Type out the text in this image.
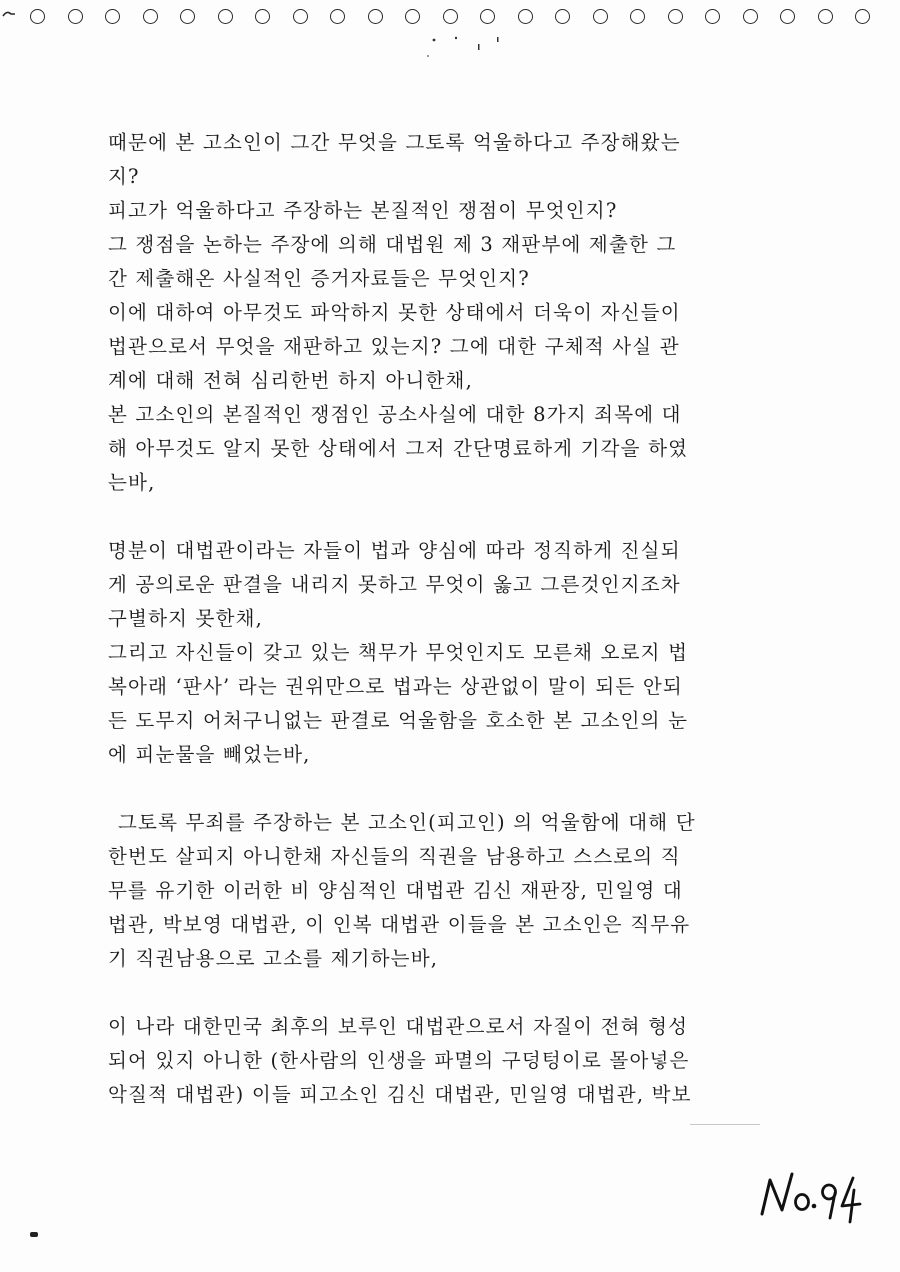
때문에 본 고소인이 그간 무엇을 그토록 억울하다고 주장해왔는
지?
피고가 억울하다고 주장하는 본질적인 쟁점이 무엇인지?
그 쟁점을 논하는 주장에 의해 대법원 제 3 재판부에 제출한 그
간 제출해온 사실적인 증거자료들은 무엇인지?
이에 대하여 아무것도 파악하지 못한 상태에서 더욱이 자신들이
법관으로서 무엇을 재판하고 있는지? 그에 대한 구체적 사실 관
계에 대해 전혀 심리한번 하지 아니한채,
본 고소인의 본질적인 쟁점인 공소사실에 대한 8가지 죄목에 대
해 아무것도 알지 못한 상태에서 그저 간단명료하게 기각을 하였
는바,
명분이 대법관이라는 자들이 법과 양심에 따라 정직하게 진실되
게 공의로운 판결을 내리지 못하고 무엇이 옳고 그른것인지조차
구별하지 못한채,
그리고 자신들이 갖고 있는 책무가 무엇인지도 모른채 오로지 법
복아래 ‘판사’ 라는 권위만으로 법과는 상관없이 말이 되든 안되
든 도무지 어처구니없는 판결로 억울함을 호소한 본 고소인의 눈
에 피눈물을 빼었는바,
그토록 무죄를 주장하는 본 고소인(피고인) 의 억울함에 대해 단
한번도 살피지 아니한채 자신들의 직권을 남용하고 스스로의 직
무를 유기한 이러한 비 양심적인 대법관 김신 재판장, 민일영 대
법관, 박보영 대법관, 이 인복 대법관 이들을 본 고소인은 직무유
기 직권남용으로 고소를 제기하는바,
이 나라 대한민국 최후의 보루인 대법관으로서 자질이 전혀 형성
되어 있지 아니한 (한사람의 인생을 파멸의 구덩텅이로 몰아넣은
악질적 대법관) 이들 피고소인 김신 대법관, 민일영 대법관, 박보
